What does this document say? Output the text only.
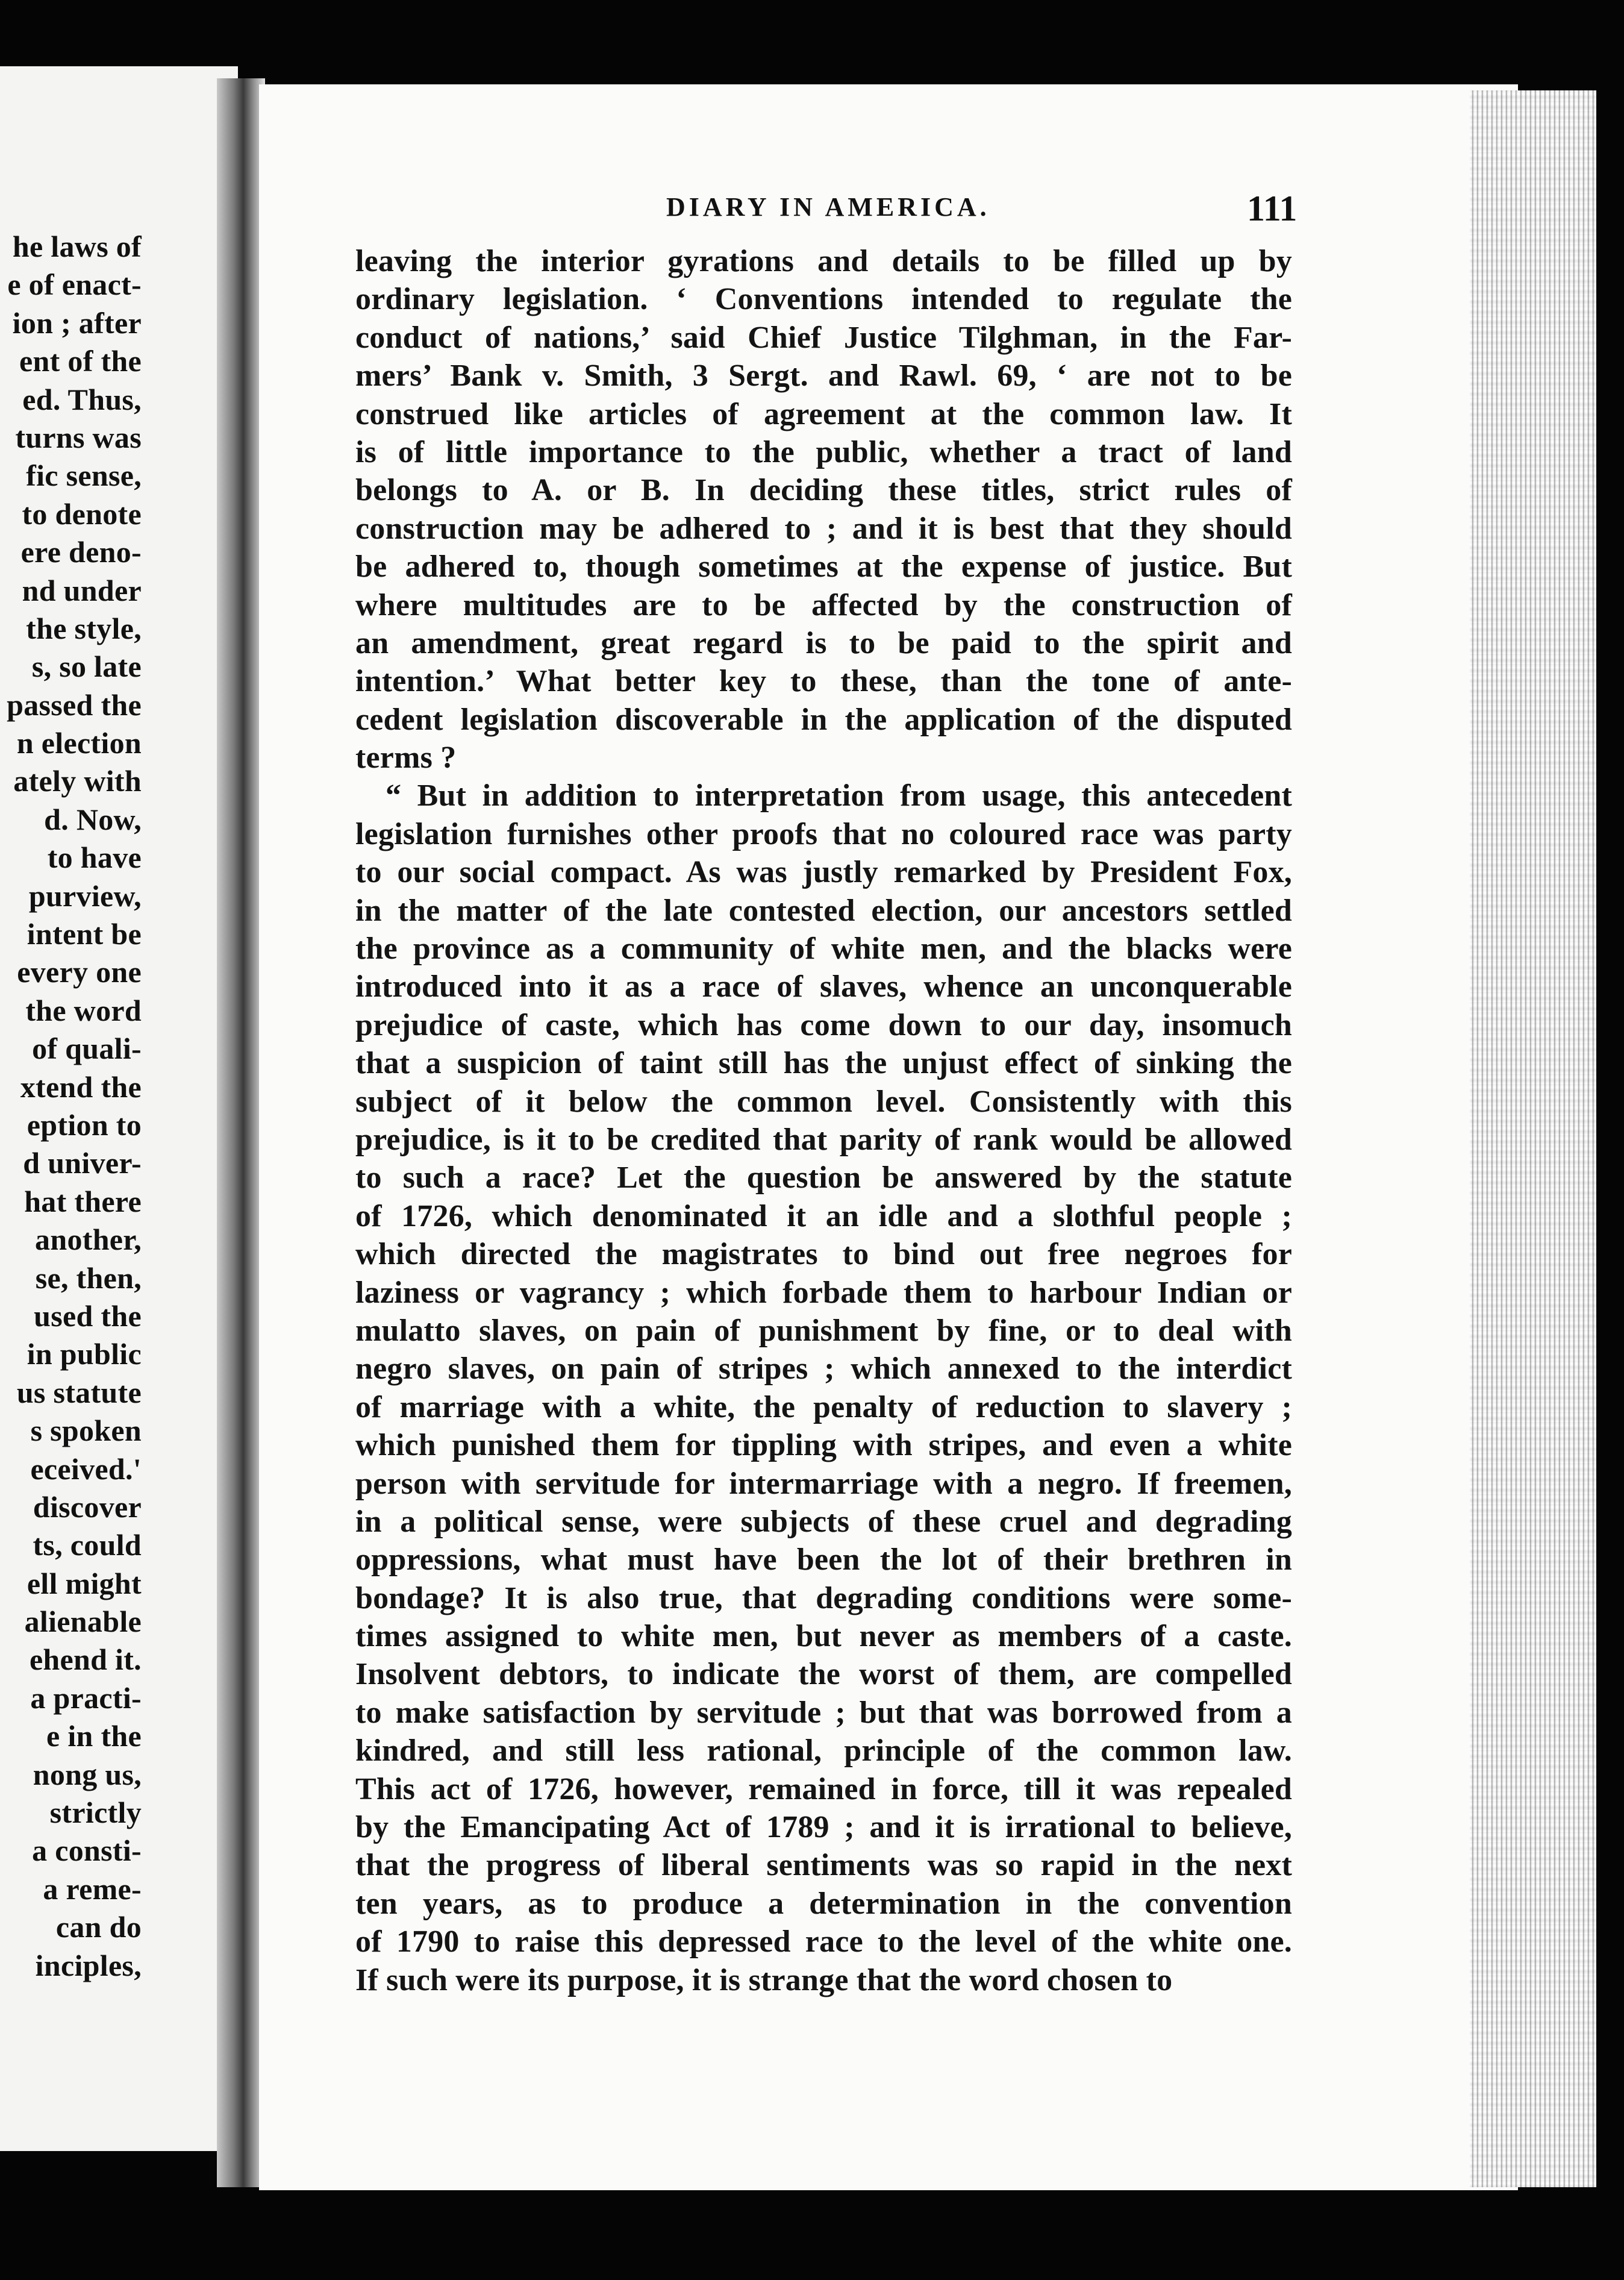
he laws of
e of enact-
ion ; after
ent of the
ed. Thus,
turns was
fic sense,
to denote
ere deno-
nd under
the style,
s, so late
passed the
n election
ately with
d. Now,
to have
purview,
intent be
every one
the word
of quali-
xtend the
eption to
d univer-
hat there
another,
se, then,
used the
in public
us statute
s spoken
eceived.'
discover
ts, could
ell might
alienable
ehend it.
a practi-
e in the
nong us,
strictly
a consti-
a reme-
can do
inciples,
DIARY IN AMERICA.	111
leaving the interior gyrations and details to be filled up by
ordinary legislation. ‘ Conventions intended to regulate the
conduct of nations,’ said Chief Justice Tilghman, in the Far-
mers’ Bank v. Smith, 3 Sergt. and Rawl. 69, ‘ are not to be
construed like articles of agreement at the common law. It
is of little importance to the public, whether a tract of land
belongs to A. or B. In deciding these titles, strict rules of
construction may be adhered to ; and it is best that they should
be adhered to, though sometimes at the expense of justice. But
where multitudes are to be affected by the construction of
an amendment, great regard is to be paid to the spirit and
intention.’ What better key to these, than the tone of ante-
cedent legislation discoverable in the application of the disputed
terms ?
“ But in addition to interpretation from usage, this antecedent
legislation furnishes other proofs that no coloured race was party
to our social compact. As was justly remarked by President Fox,
in the matter of the late contested election, our ancestors settled
the province as a community of white men, and the blacks were
introduced into it as a race of slaves, whence an unconquerable
prejudice of caste, which has come down to our day, insomuch
that a suspicion of taint still has the unjust effect of sinking the
subject of it below the common level. Consistently with this
prejudice, is it to be credited that parity of rank would be allowed
to such a race? Let the question be answered by the statute
of 1726, which denominated it an idle and a slothful people ;
which directed the magistrates to bind out free negroes for
laziness or vagrancy ; which forbade them to harbour Indian or
mulatto slaves, on pain of punishment by fine, or to deal with
negro slaves, on pain of stripes ; which annexed to the interdict
of marriage with a white, the penalty of reduction to slavery ;
which punished them for tippling with stripes, and even a white
person with servitude for intermarriage with a negro. If freemen,
in a political sense, were subjects of these cruel and degrading
oppressions, what must have been the lot of their brethren in
bondage? It is also true, that degrading conditions were some-
times assigned to white men, but never as members of a caste.
Insolvent debtors, to indicate the worst of them, are compelled
to make satisfaction by servitude ; but that was borrowed from a
kindred, and still less rational, principle of the common law.
This act of 1726, however, remained in force, till it was repealed
by the Emancipating Act of 1789 ; and it is irrational to believe,
that the progress of liberal sentiments was so rapid in the next
ten years, as to produce a determination in the convention
of 1790 to raise this depressed race to the level of the white one.
If such were its purpose, it is strange that the word chosen to
